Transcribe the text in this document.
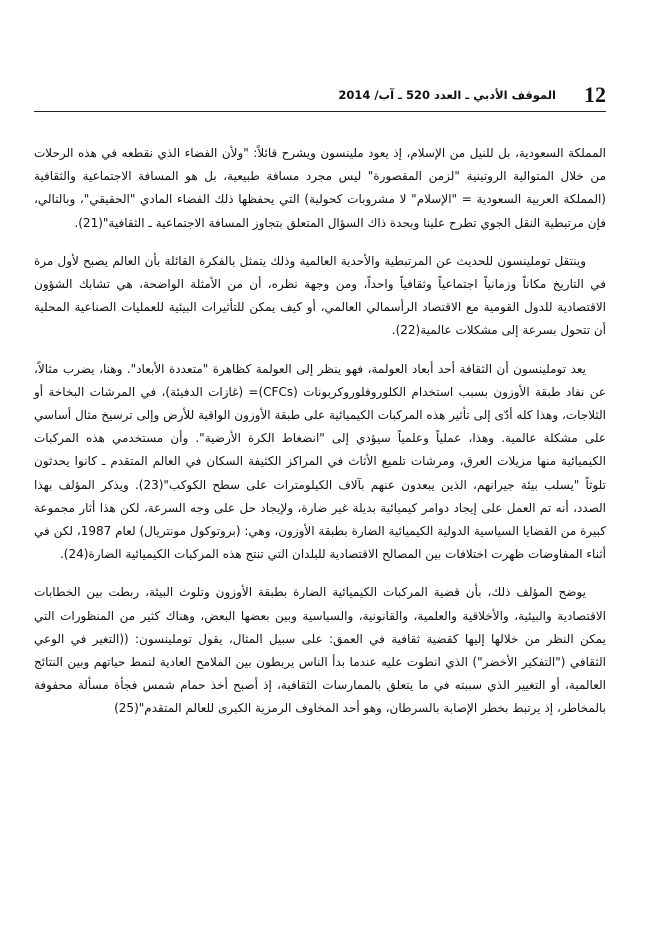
12
الموقف الأدبي ـ العدد 520 ـ آب/ 2014

المملكة السعودية، بل للنيل من الإسلام، إذ يعود ملينسون ويشرح قائلاً: "ولأن الفضاء الذي نقطعه في هذه الرحلات من خلال المتوالية الروتينية "لزمن المقصورة" ليس مجرد مسافة طبيعية، بل هو المسافة الاجتماعية والثقافية (المملكة العربية السعودية = "الإسلام" لا مشروبات كحولية) التي يحفظها ذلك الفضاء المادي "الحقيقي"، وبالتالي، فإن مرتبطية النقل الجوي تطرح علينا وبحدة ذاك السؤال المتعلق بتجاوز المسافة الاجتماعية ـ الثقافية"(21).

وينتقل توملينسون للحديث عن المرتبطية والأحدية العالمية وذلك يتمثل بالفكرة القائلة بأن العالم يصبح لأول مرة في التاريخ مكاناً وزمانياً اجتماعياً وثقافياً واحداً، ومن وجهة نظره، أن من الأمثلة الواضحة، هي تشابك الشؤون الاقتصادية للدول القومية مع الاقتصاد الرأسمالي العالمي، أو كيف يمكن للتأثيرات البيئية للعمليات الصناعية المحلية أن تتحول بسرعة إلى مشكلات عالمية(22).

يعد توملينسون أن الثقافة أحد أبعاد العولمة، فهو ينظر إلى العولمة كظاهرة "متعددة الأبعاد". وهنا، يضرب مثالاً، عن نفاد طبقة الأوزون بسبب استخدام الكلوروفلوروكربونات (CFCs)= (غازات الدفيئة)، في المرشات البخاخة أو الثلاجات، وهذا كله أدّى إلى تأثير هذه المركبات الكيميائية على طبقة الأوزون الواقية للأرض وإلى ترسيخ مثال أساسي على مشكلة عالمية. وهذا، عملياً وعلمياً سيؤدي إلى "انضغاط الكرة الأرضية". وأن مستخدمي هذه المركبات الكيميائية منها مزيلات العرق، ومرشات تلميع الأثاث في المراكز الكثيفة السكان في العالم المتقدم ـ كانوا يحدثون تلوثاً "يسلب بيئة جيرانهم، الذين يبعدون عنهم بآلاف الكيلومترات على سطح الكوكب"(23). ويذكر المؤلف بهذا الصدد، أنه تم العمل على إيجاد دوامر كيميائية بديلة غير ضارة، ولإيجاد حل على وجه السرعة، لكن هذا أثار مجموعة كبيرة من القضايا السياسية الدولية الكيميائية الضارة بطبقة الأوزون، وهي: (بروتوكول مونتريال) لعام 1987، لكن في أثناء المفاوضات ظهرت اختلافات بين المصالح الاقتصادية للبلدان التي تنتج هذه المركبات الكيميائية الضارة(24).

يوضح المؤلف ذلك، بأن قضية المركبات الكيميائية الضارة بطبقة الأوزون وتلوث البيئة، ربطت بين الخطابات الاقتصادية والبيئية، والأخلاقية والعلمية، والقانونية، والسياسية وبين بعضها البعض، وهناك كثير من المنظورات التي يمكن النظر من خلالها إليها كقضية ثقافية في العمق: على سبيل المثال، يقول توملينسون: ((التغير في الوعي الثقافي ("التفكير الأخضر") الذي انطوت عليه عندما بدأ الناس يربطون بين الملامح العادية لنمط حياتهم وبين النتائج العالمية، أو التغيير الذي سببته في ما يتعلق بالممارسات الثقافية، إذ أصبح أخذ حمام شمس فجأة مسألة محفوفة بالمخاطر، إذ يرتبط بخطر الإصابة بالسرطان، وهو أحد المخاوف الرمزية الكبرى للعالم المتقدم"(25)
